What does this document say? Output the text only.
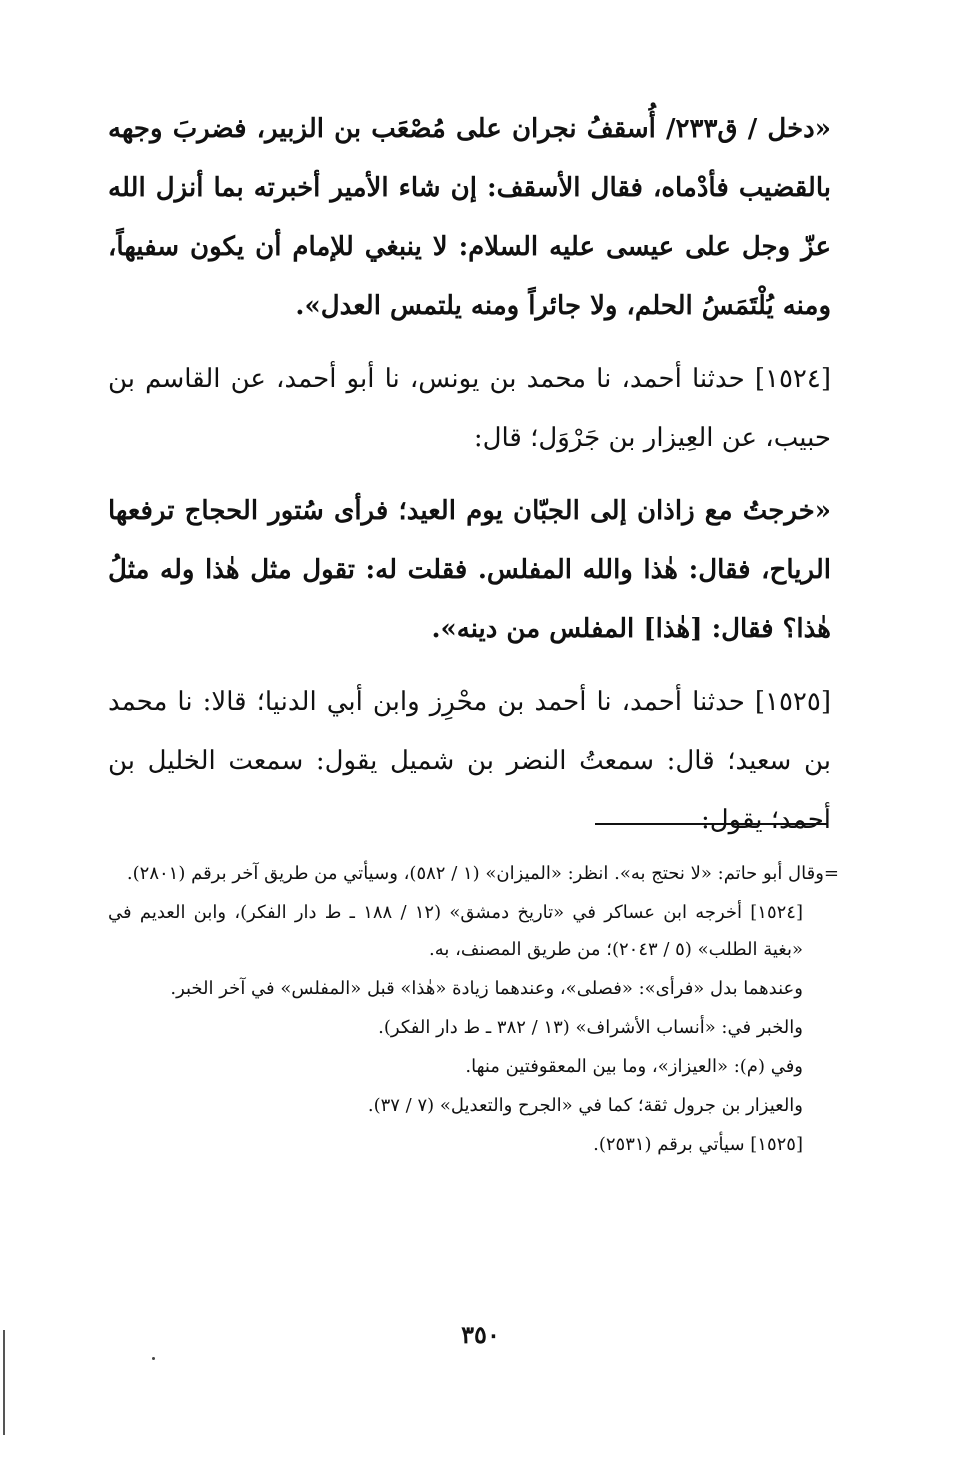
«دخل / ق٢٣٣/ أُسقفُ نجران على مُصْعَب بن الزبير، فضربَ وجهه بالقضيب فأدْماه، فقال الأسقف: إن شاء الأمير أخبرته بما أنزل الله عزّ وجل على عيسى عليه السلام: لا ينبغي للإمام أن يكون سفيهاً، ومنه يُلْتَمَسُ الحلم، ولا جائراً ومنه يلتمس العدل».

[١٥٢٤] حدثنا أحمد، نا محمد بن يونس، نا أبو أحمد، عن القاسم بن حبيب، عن العِيزار بن جَرْوَل؛ قال:

«خرجتُ مع زاذان إلى الجبّان يوم العيد؛ فرأى سُتور الحجاج ترفعها الرياح، فقال: هٰذا والله المفلس. فقلت له: تقول مثل هٰذا وله مثلُ هٰذا؟ فقال: [هٰذا] المفلس من دينه».

[١٥٢٥] حدثنا أحمد، نا أحمد بن محْرِز وابن أبي الدنيا؛ قالا: نا محمد بن سعيد؛ قال: سمعتُ النضر بن شميل يقول: سمعت الخليل بن أحمد؛ يقول:

=وقال أبو حاتم: «لا نحتج به». انظر: «الميزان» (١ / ٥٨٢)، وسيأتي من طريق آخر برقم (٢٨٠١).

[١٥٢٤] أخرجه ابن عساكر في «تاريخ دمشق» (١٢ / ١٨٨ ـ ط دار الفكر)، وابن العديم في «بغية الطلب» (٥ / ٢٠٤٣)؛ من طريق المصنف، به.

وعندهما بدل «فرأى»: «فصلى»، وعندهما زيادة «هٰذا» قبل «المفلس» في آخر الخبر.

والخبر في: «أنساب الأشراف» (١٣ / ٣٨٢ ـ ط دار الفكر).

وفي (م): «العيزاز»، وما بين المعقوفتين منها.

والعيزار بن جرول ثقة؛ كما في «الجرح والتعديل» (٧ / ٣٧).

[١٥٢٥] سيأتي برقم (٢٥٣١).

٣٥٠
